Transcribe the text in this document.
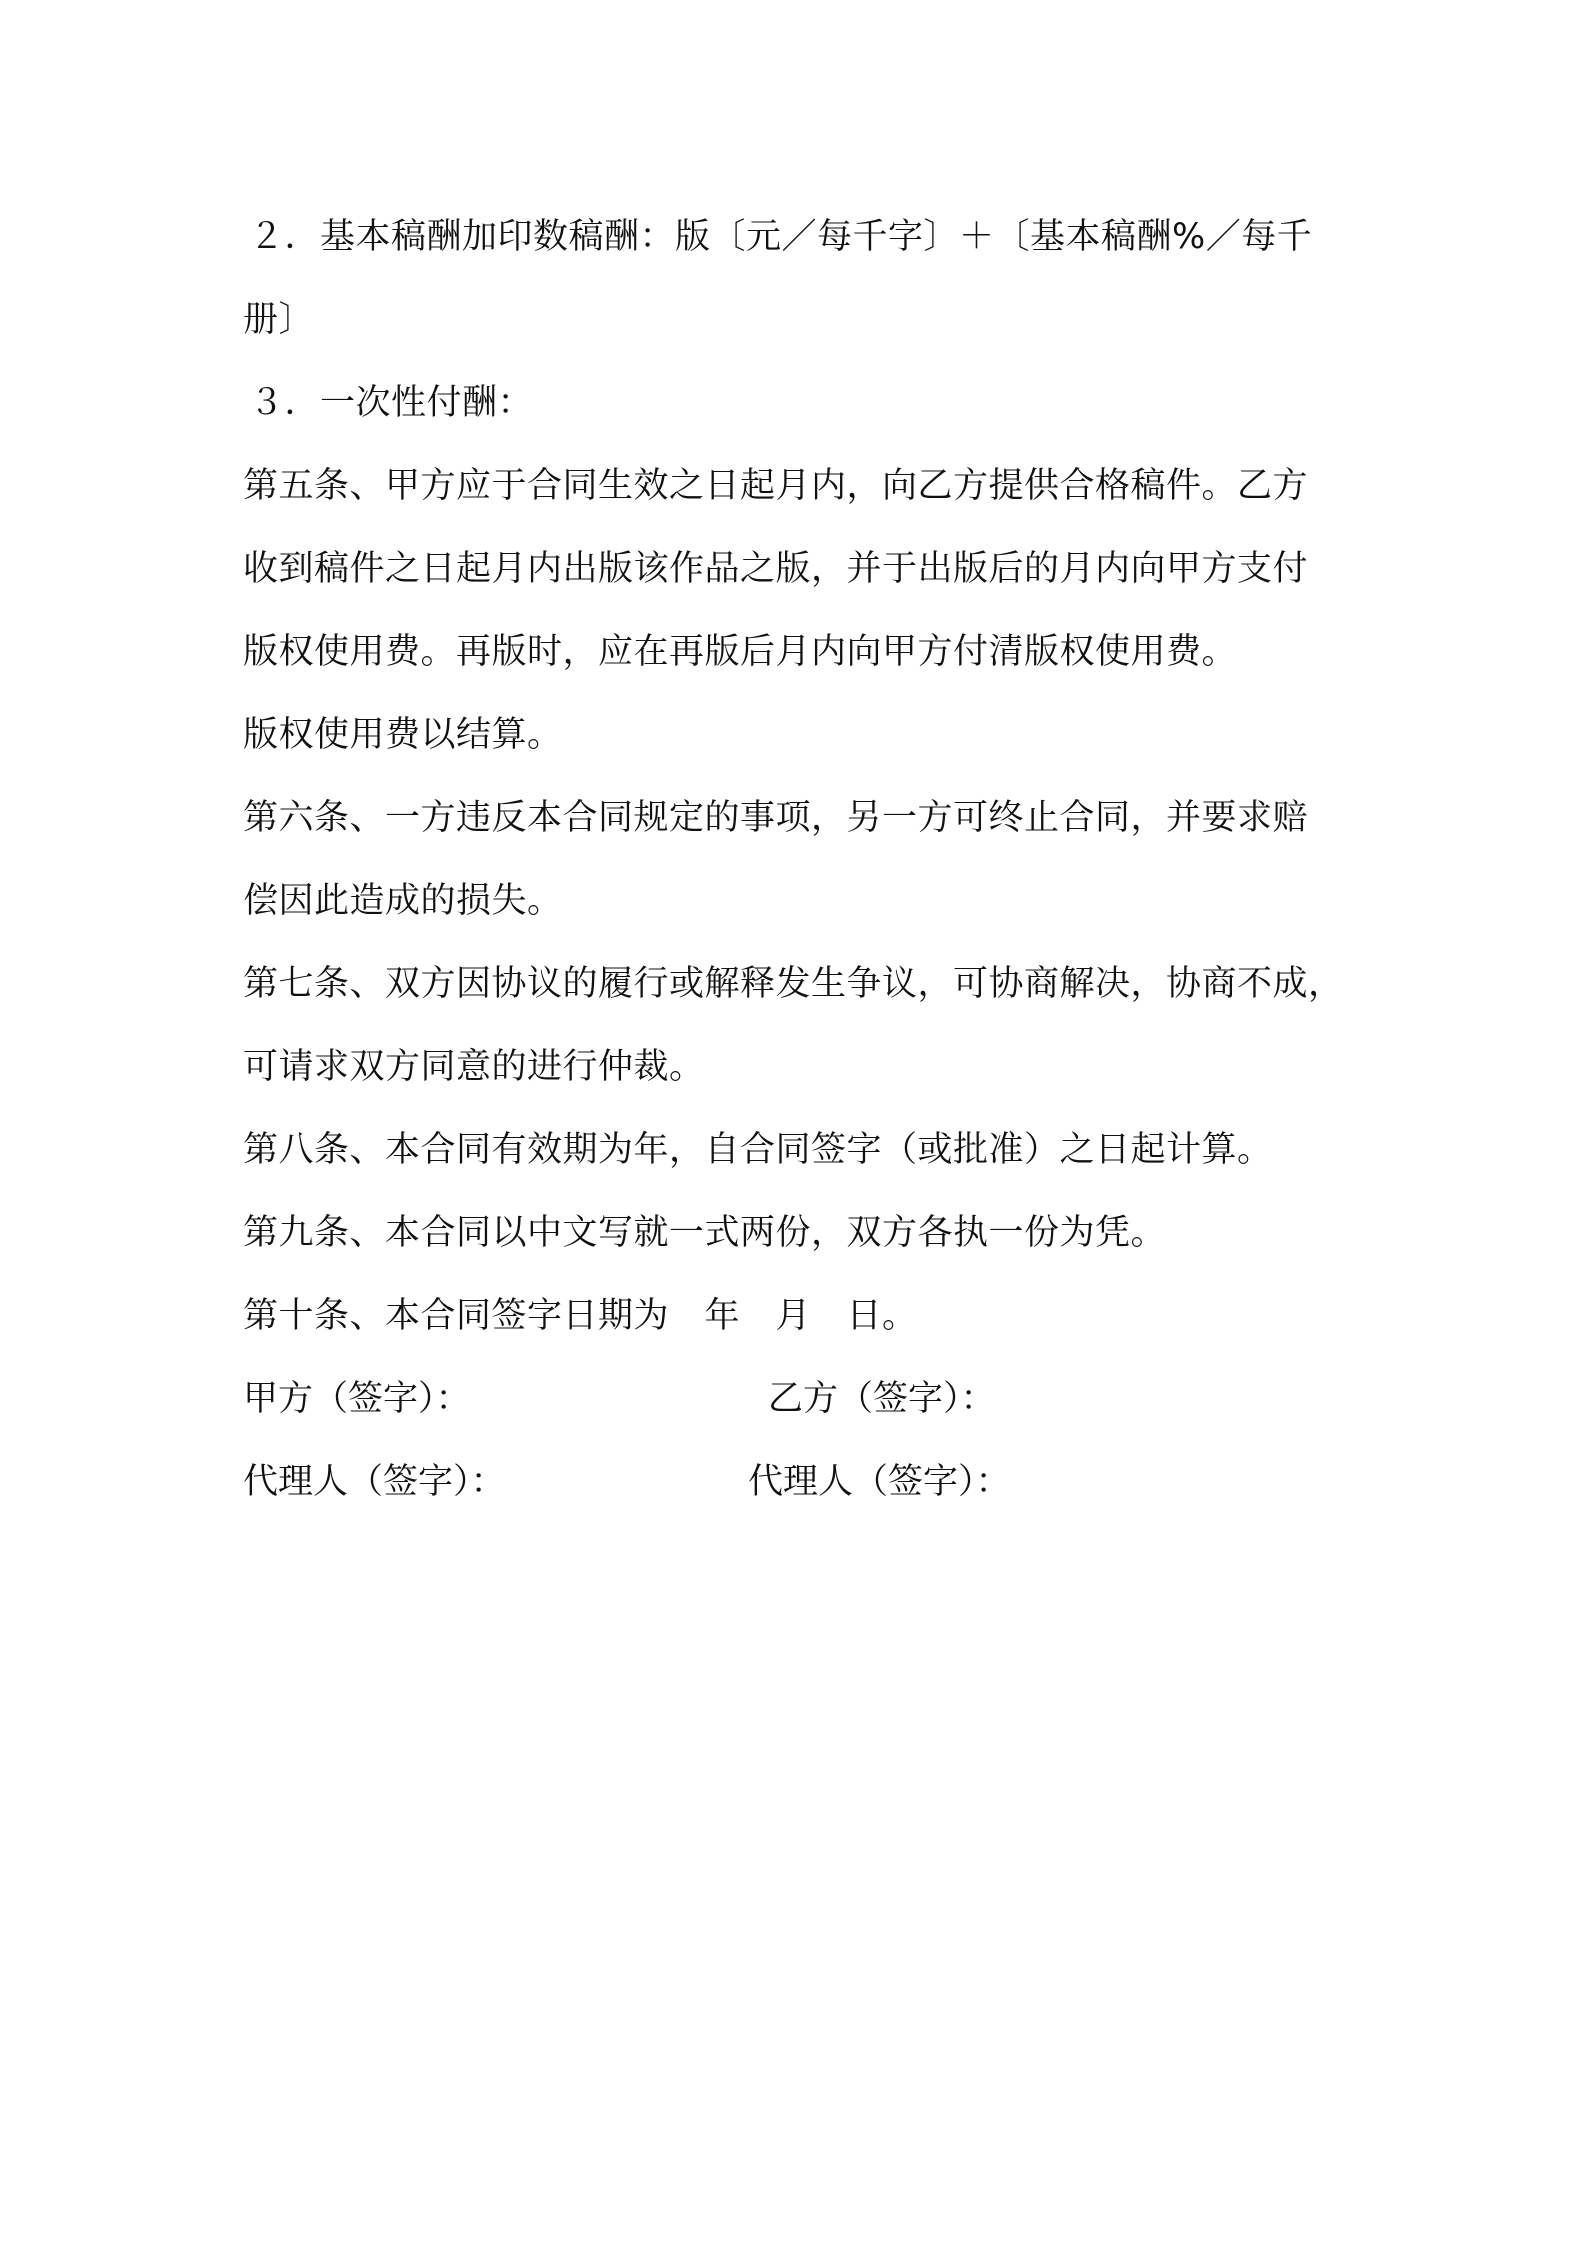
２．基本稿酬加印数稿酬：版〔元／每千字〕＋〔基本稿酬%／每千
册〕
３．一次性付酬：
第五条、甲方应于合同生效之日起月内，向乙方提供合格稿件。乙方
收到稿件之日起月内出版该作品之版，并于出版后的月内向甲方支付
版权使用费。再版时，应在再版后月内向甲方付清版权使用费。
版权使用费以结算。
第六条、一方违反本合同规定的事项，另一方可终止合同，并要求赔
偿因此造成的损失。
第七条、双方因协议的履行或解释发生争议，可协商解决，协商不成，
可请求双方同意的进行仲裁。
第八条、本合同有效期为年，自合同签字（或批准）之日起计算。
第九条、本合同以中文写就一式两份，双方各执一份为凭。
第十条、本合同签字日期为　年　月　日。
甲方（签字）：	乙方（签字）：
代理人（签字）：	代理人（签字）：
